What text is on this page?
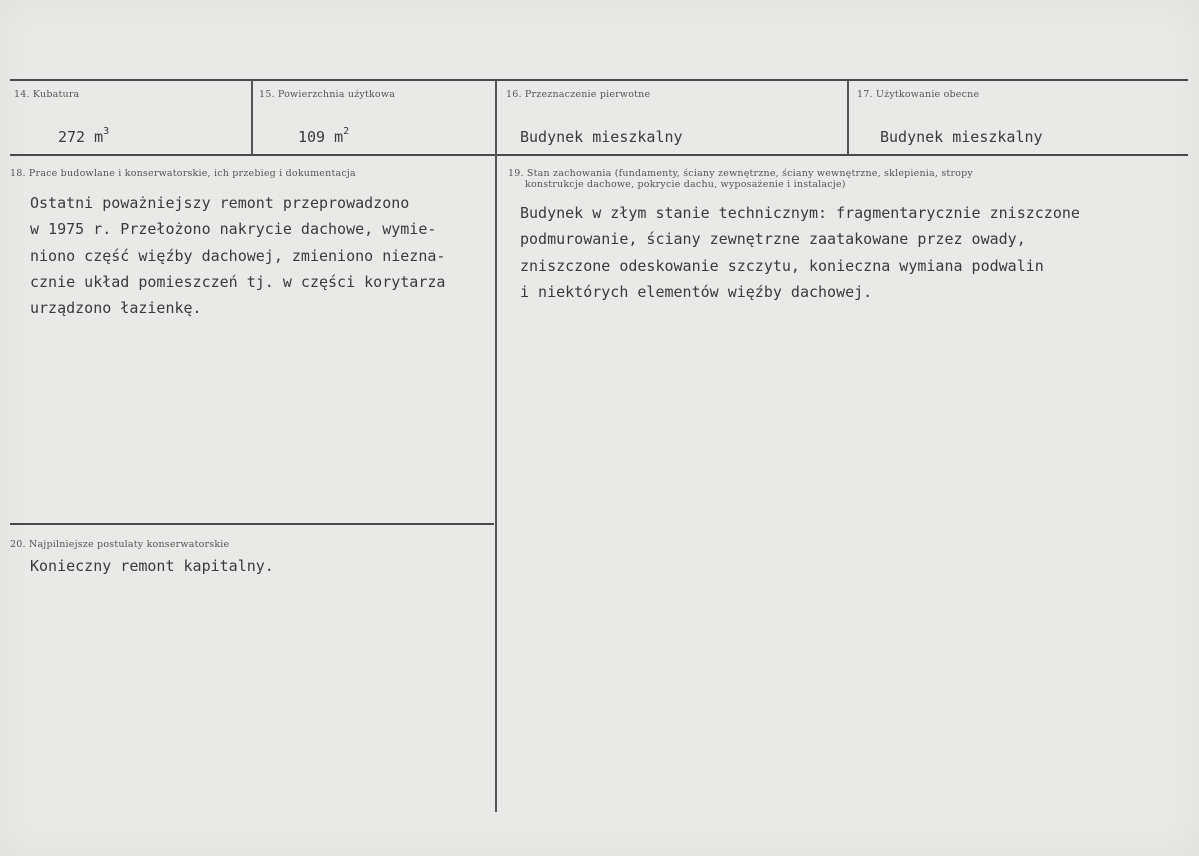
14. Kubatura
272 $m^3$
15. Powierzchnia użytkowa
109 $m^2$
16. Przeznaczenie pierwotne
Budynek mieszkalny
17. Użytkowanie obecne
Budynek mieszkalny
18. Prace budowlane i konserwatorskie, ich przebieg i dokumentacja
Ostatni poważniejszy remont przeprowadzono
w 1975 r. Przełożono nakrycie dachowe, wymie-
niono część więźby dachowej, zmieniono niezna-
cznie układ pomieszczeń tj. w części korytarza
urządzono łazienkę.
19. Stan zachowania (fundamenty, ściany zewnętrzne, ściany wewnętrzne, sklepienia, stropy
konstrukcje dachowe, pokrycie dachu, wyposażenie i instalacje)
Budynek w złym stanie technicznym: fragmentarycznie zniszczone
podmurowanie, ściany zewnętrzne zaatakowane przez owady,
zniszczone odeskowanie szczytu, konieczna wymiana podwalin
i niektórych elementów więźby dachowej.
20. Najpilniejsze postulaty konserwatorskie
Konieczny remont kapitalny.
